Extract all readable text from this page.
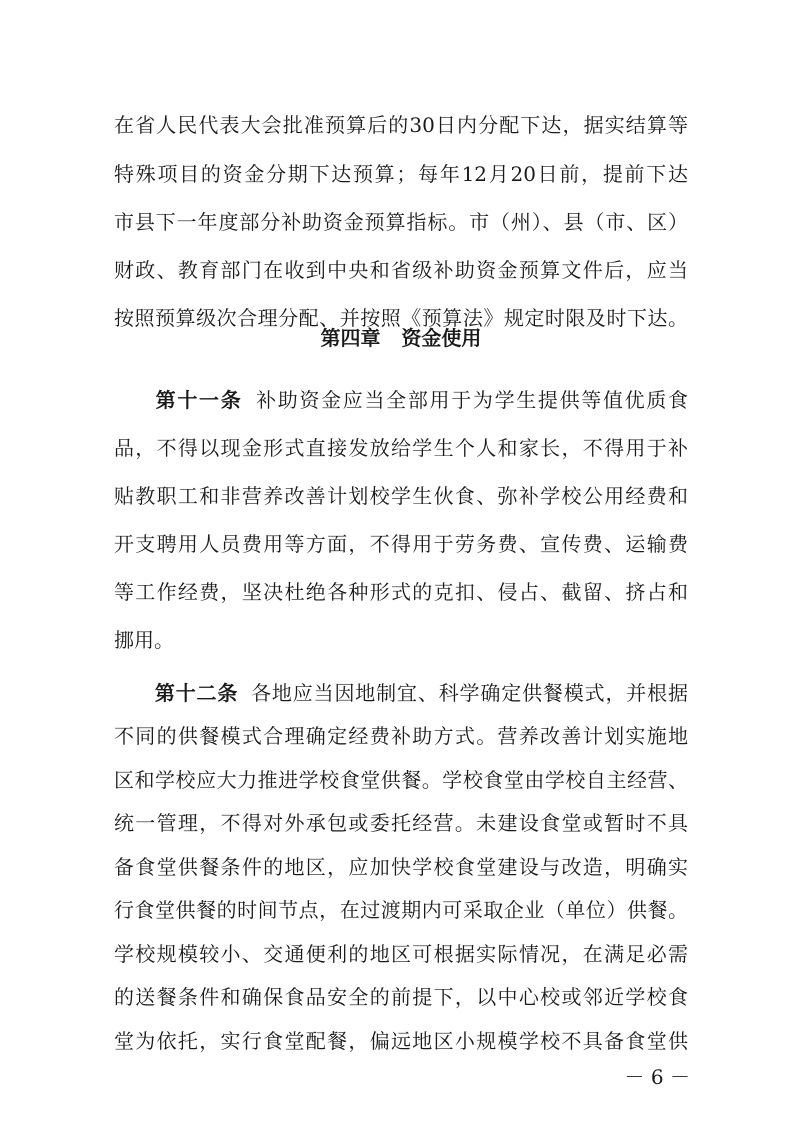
在省人民代表大会批准预算后的30日内分配下达，据实结算等
特殊项目的资金分期下达预算；每年12月20日前，提前下达
市县下一年度部分补助资金预算指标。市（州）、县（市、区）
财政、教育部门在收到中央和省级补助资金预算文件后，应当
按照预算级次合理分配、并按照《预算法》规定时限及时下达。
第四章   资金使用
第十一条 补助资金应当全部用于为学生提供等值优质食
品，不得以现金形式直接发放给学生个人和家长，不得用于补
贴教职工和非营养改善计划校学生伙食、弥补学校公用经费和
开支聘用人员费用等方面，不得用于劳务费、宣传费、运输费
等工作经费，坚决杜绝各种形式的克扣、侵占、截留、挤占和
挪用。
第十二条 各地应当因地制宜、科学确定供餐模式，并根据
不同的供餐模式合理确定经费补助方式。营养改善计划实施地
区和学校应大力推进学校食堂供餐。学校食堂由学校自主经营、
统一管理，不得对外承包或委托经营。未建设食堂或暂时不具
备食堂供餐条件的地区，应加快学校食堂建设与改造，明确实
行食堂供餐的时间节点，在过渡期内可采取企业（单位）供餐。
学校规模较小、交通便利的地区可根据实际情况，在满足必需
的送餐条件和确保食品安全的前提下，以中心校或邻近学校食
－ 6 －
堂为依托，实行食堂配餐，偏远地区小规模学校不具备食堂供
